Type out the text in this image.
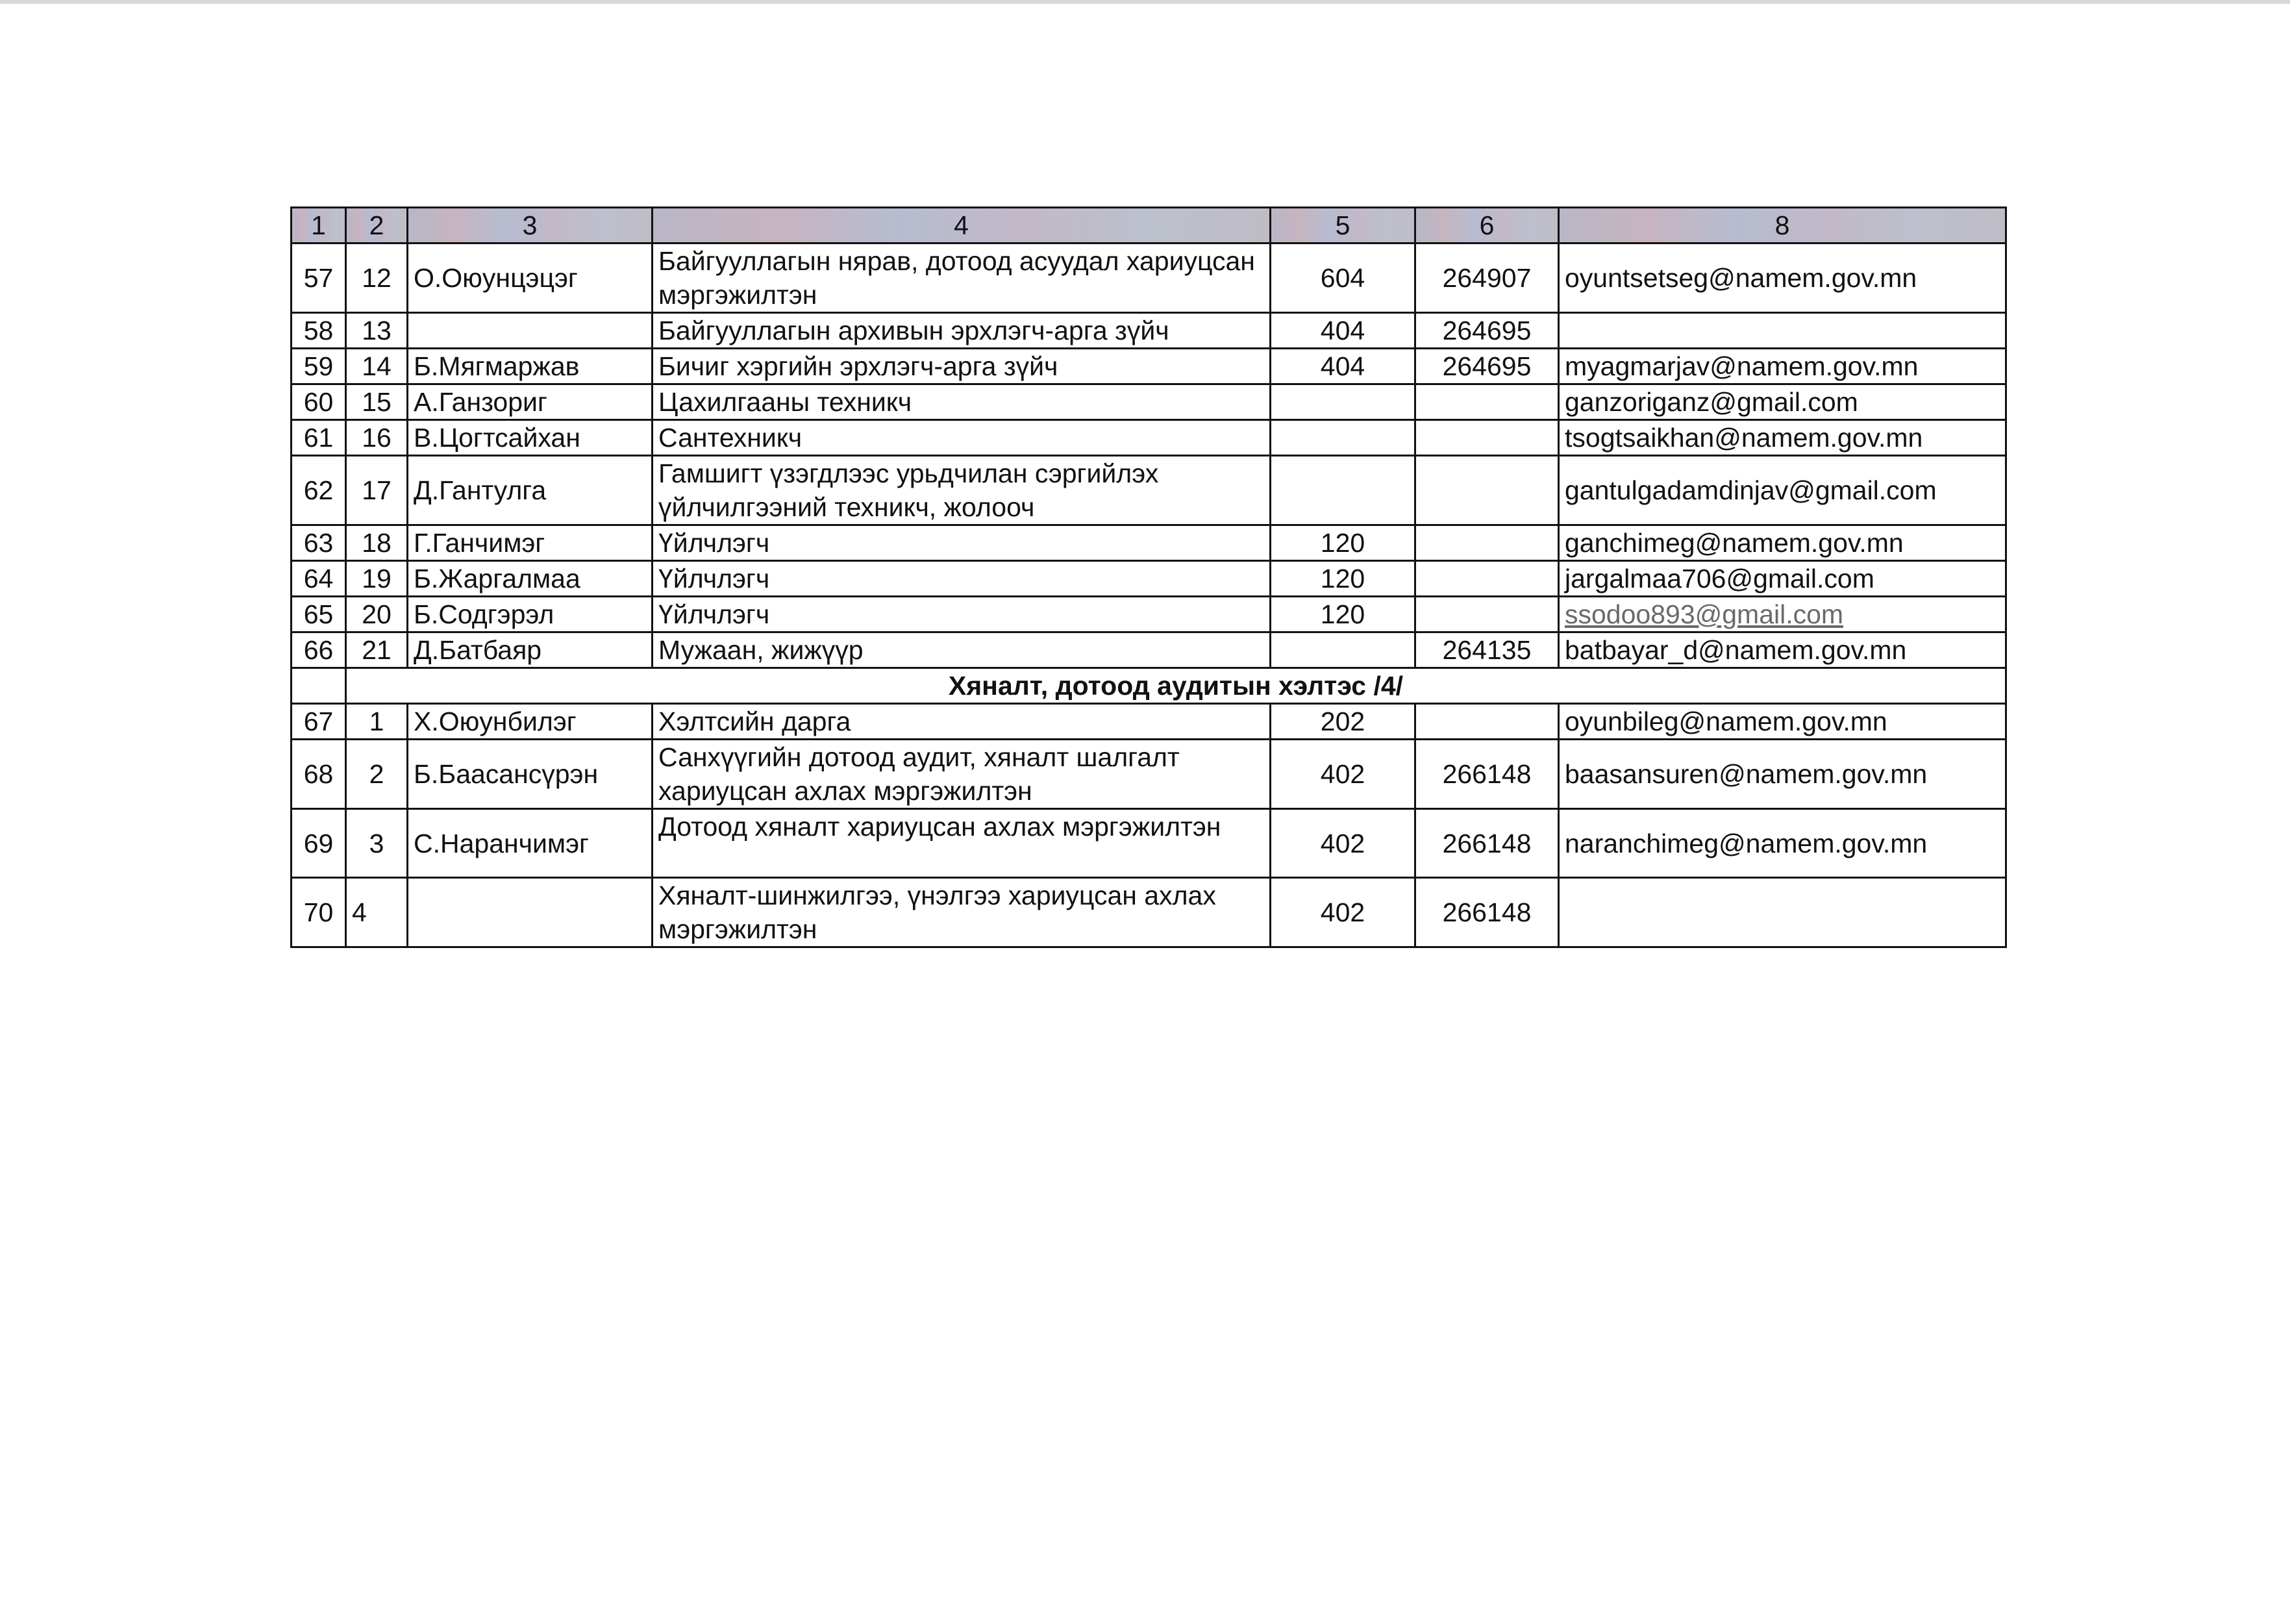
1	2	3	4	5	6	8
57	12	О.Оюунцэцэг	Байгууллагын нярав, дотоод асуудал хариуцсан мэргэжилтэн	604	264907	oyuntsetseg@namem.gov.mn
58	13		Байгууллагын архивын эрхлэгч-арга зүйч	404	264695	
59	14	Б.Мягмаржав	Бичиг хэргийн эрхлэгч-арга зүйч	404	264695	myagmarjav@namem.gov.mn
60	15	А.Ганзориг	Цахилгааны техникч			ganzoriganz@gmail.com
61	16	В.Цогтсайхан	Сантехникч			tsogtsaikhan@namem.gov.mn
62	17	Д.Гантулга	Гамшигт үзэгдлээс урьдчилан сэргийлэх үйлчилгээний техникч, жолооч			gantulgadamdinjav@gmail.com
63	18	Г.Ганчимэг	Үйлчлэгч	120		ganchimeg@namem.gov.mn
64	19	Б.Жаргалмаа	Үйлчлэгч	120		jargalmaa706@gmail.com
65	20	Б.Содгэрэл	Үйлчлэгч	120		ssodoo893@gmail.com
66	21	Д.Батбаяр	Мужаан, жижүүр		264135	batbayar_d@namem.gov.mn
	Хяналт, дотоод аудитын хэлтэс /4/					
67	1	Х.Оюунбилэг	Хэлтсийн дарга	202		oyunbileg@namem.gov.mn
68	2	Б.Баасансүрэн	Санхүүгийн дотоод аудит, хяналт шалгалт хариуцсан ахлах мэргэжилтэн	402	266148	baasansuren@namem.gov.mn
69	3	С.Наранчимэг	Дотоод хяналт хариуцсан ахлах мэргэжилтэн	402	266148	naranchimeg@namem.gov.mn
70	4		Хяналт-шинжилгээ, үнэлгээ хариуцсан ахлах мэргэжилтэн	402	266148	
